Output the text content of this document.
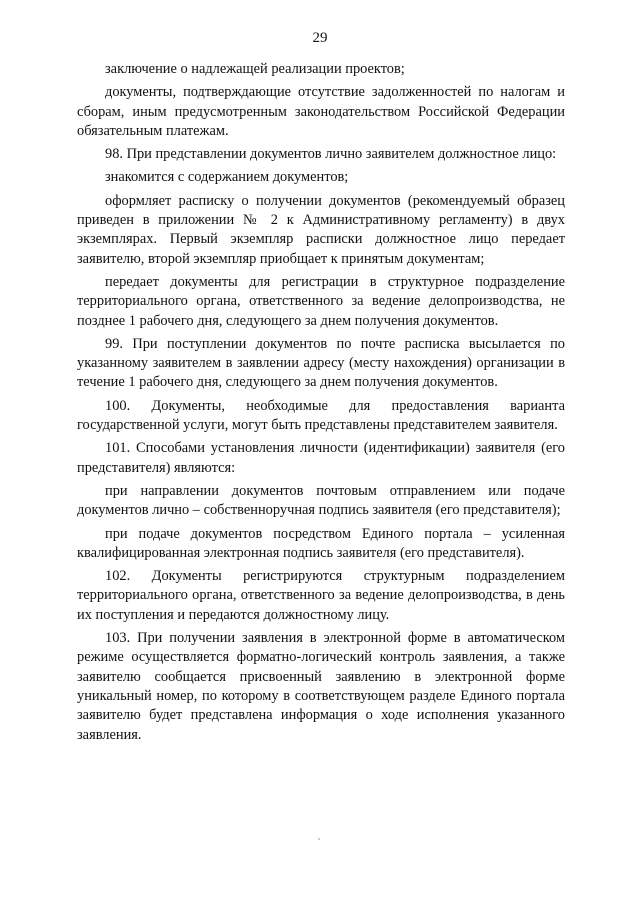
29

заключение о надлежащей реализации проектов;

документы, подтверждающие отсутствие задолженностей по налогам и сборам, иным предусмотренным законодательством Российской Федерации обязательным платежам.

98. При представлении документов лично заявителем должностное лицо:

знакомится с содержанием документов;

оформляет расписку о получении документов (рекомендуемый образец приведен в приложении № 2 к Административному регламенту) в двух экземплярах. Первый экземпляр расписки должностное лицо передает заявителю, второй экземпляр приобщает к принятым документам;

передает документы для регистрации в структурное подразделение территориального органа, ответственного за ведение делопроизводства, не позднее 1 рабочего дня, следующего за днем получения документов.

99. При поступлении документов по почте расписка высылается по указанному заявителем в заявлении адресу (месту нахождения) организации в течение 1 рабочего дня, следующего за днем получения документов.

100. Документы, необходимые для предоставления варианта государственной услуги, могут быть представлены представителем заявителя.

101. Способами установления личности (идентификации) заявителя (его представителя) являются:

при направлении документов почтовым отправлением или подаче документов лично – собственноручная подпись заявителя (его представителя);

при подаче документов посредством Единого портала – усиленная квалифицированная электронная подпись заявителя (его представителя).

102. Документы регистрируются структурным подразделением территориального органа, ответственного за ведение делопроизводства, в день их поступления и передаются должностному лицу.

103. При получении заявления в электронной форме в автоматическом режиме осуществляется форматно-логический контроль заявления, а также заявителю сообщается присвоенный заявлению в электронной форме уникальный номер, по которому в соответствующем разделе Единого портала заявителю будет представлена информация о ходе исполнения указанного заявления.
